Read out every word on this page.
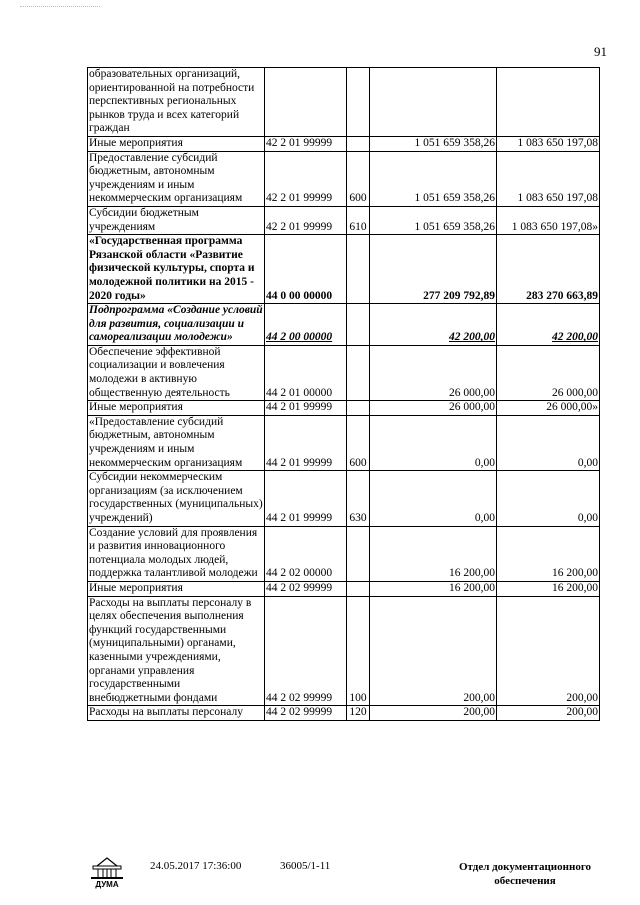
91
образовательных организаций, ориентированной на потребности перспективных региональных рынков труда и всех категорий граждан				
Иные мероприятия	42 2 01 99999		1 051 659 358,26	1 083 650 197,08
Предоставление субсидий бюджетным, автономным учреждениям и иным некоммерческим организациям	42 2 01 99999	600	1 051 659 358,26	1 083 650 197,08
Субсидии бюджетным учреждениям	42 2 01 99999	610	1 051 659 358,26	1 083 650 197,08»
«Государственная программа Рязанской области «Развитие физической культуры, спорта и молодежной политики на 2015 - 2020 годы»	44 0 00 00000		277 209 792,89	283 270 663,89
Подпрограмма «Создание условий для развития, социализации и самореализации молодежи»	44 2 00 00000		42 200,00	42 200,00
Обеспечение эффективной социализации и вовлечения молодежи в активную общественную деятельность	44 2 01 00000		26 000,00	26 000,00
Иные мероприятия	44 2 01 99999		26 000,00	26 000,00»
«Предоставление субсидий бюджетным, автономным учреждениям и иным некоммерческим организациям	44 2 01 99999	600	0,00	0,00
Субсидии некоммерческим организациям (за исключением государственных (муниципальных) учреждений)	44 2 01 99999	630	0,00	0,00
Создание условий для проявления и развития инновационного потенциала молодых людей, поддержка талантливой молодежи	44 2 02 00000		16 200,00	16 200,00
Иные мероприятия	44 2 02 99999		16 200,00	16 200,00
Расходы на выплаты персоналу в целях обеспечения выполнения функций государственными (муниципальными) органами, казенными учреждениями, органами управления государственными внебюджетными фондами	44 2 02 99999	100	200,00	200,00
Расходы на выплаты персоналу	44 2 02 99999	120	200,00	200,00
ДУМА
24.05.2017 17:36:00	36005/1-11	Отдел документационного обеспечения
